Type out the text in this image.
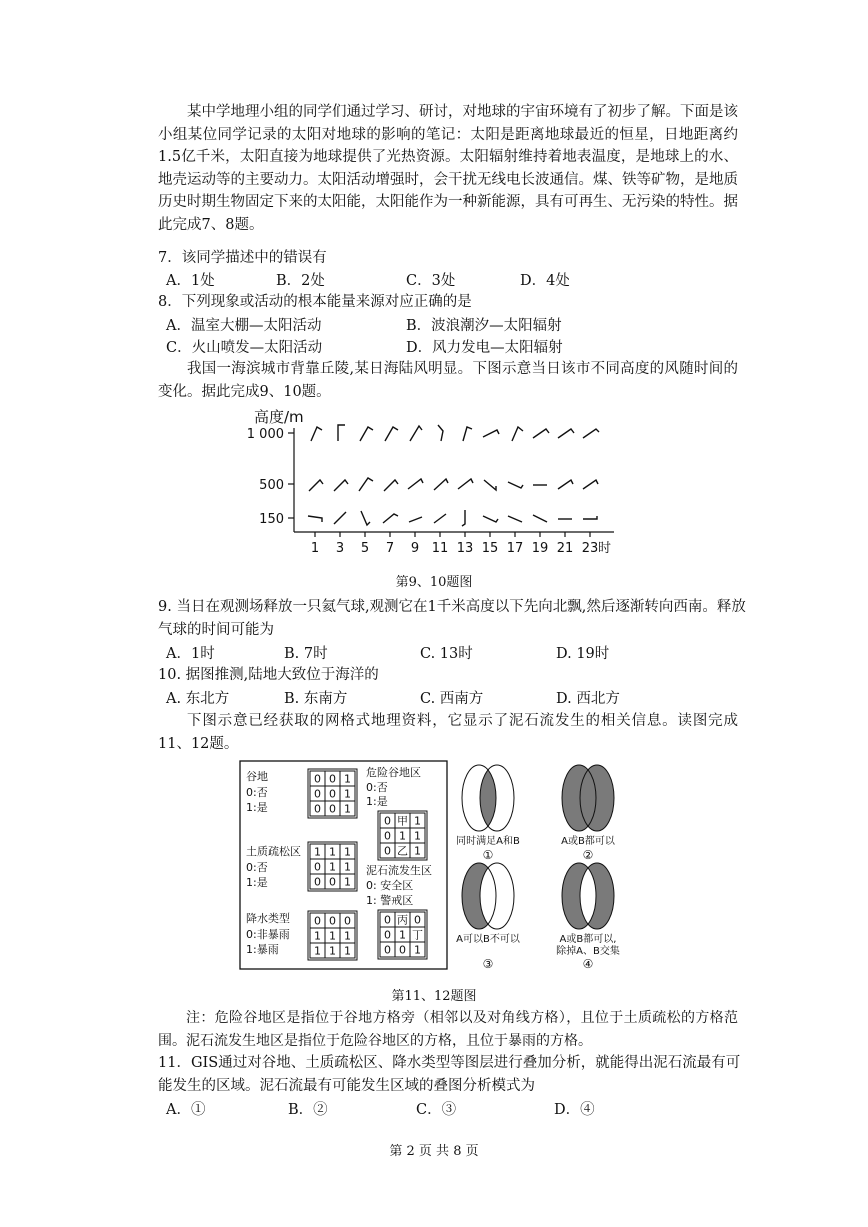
某中学地理小组的同学们通过学习、研讨，对地球的宇宙环境有了初步了解。下面是该小组某位同学记录的太阳对地球的影响的笔记：太阳是距离地球最近的恒星，日地距离约1.5亿千米，太阳直接为地球提供了光热资源。太阳辐射维持着地表温度，是地球上的水、地壳运动等的主要动力。太阳活动增强时，会干扰无线电长波通信。煤、铁等矿物，是地质历史时期生物固定下来的太阳能，太阳能作为一种新能源，具有可再生、无污染的特性。据此完成7、8题。
7．该同学描述中的错误有
A．1处	B．2处	C．3处	D．4处
8．下列现象或活动的根本能量来源对应正确的是
A．温室大棚—太阳活动	B．波浪潮汐—太阳辐射
C．火山喷发—太阳活动	D．风力发电—太阳辐射
我国一海滨城市背靠丘陵,某日海陆风明显。下图示意当日该市不同高度的风随时间的变化。据此完成9、10题。
高度/m
1 000
500
150
1 3 5 7 9 11 13 15 17 19 21 23 时
第9、10题图
9. 当日在观测场释放一只氦气球,观测它在1千米高度以下先向北飘,然后逐渐转向西南。释放气球的时间可能为
A．1时	B. 7时	C. 13时	D. 19时
10. 据图推测,陆地大致位于海洋的
A. 东北方	B. 东南方	C. 西南方	D. 西北方
下图示意已经获取的网格式地理资料，它显示了泥石流发生的相关信息。读图完成11、12题。
谷地
0:否
1:是
土质疏松区
0:否
1:是
降水类型
0:非暴雨
1:暴雨
危险谷地区
0:否
1:是
泥石流发生区
0: 安全区
1: 警戒区
0 0 1
0 0 1
0 0 1
1 1 1
0 1 1
0 0 1
0 0 0
1 1 1
1 1 1
0 甲 1
0 1 1
0 乙 1
0 丙 0
0 1 丁
0 0 1
同时满足A和B
①
A或B都可以
②
A可以B不可以
③
A或B都可以,
除掉A、B交集
④
第11、12题图
注：危险谷地区是指位于谷地方格旁（相邻以及对角线方格），且位于土质疏松的方格范围。泥石流发生地区是指位于危险谷地区的方格，且位于暴雨的方格。
11．GIS通过对谷地、土质疏松区、降水类型等图层进行叠加分析，就能得出泥石流最有可能发生的区域。泥石流最有可能发生区域的叠图分析模式为
A．①	B．②	C．③	D．④
第 2 页 共 8 页
